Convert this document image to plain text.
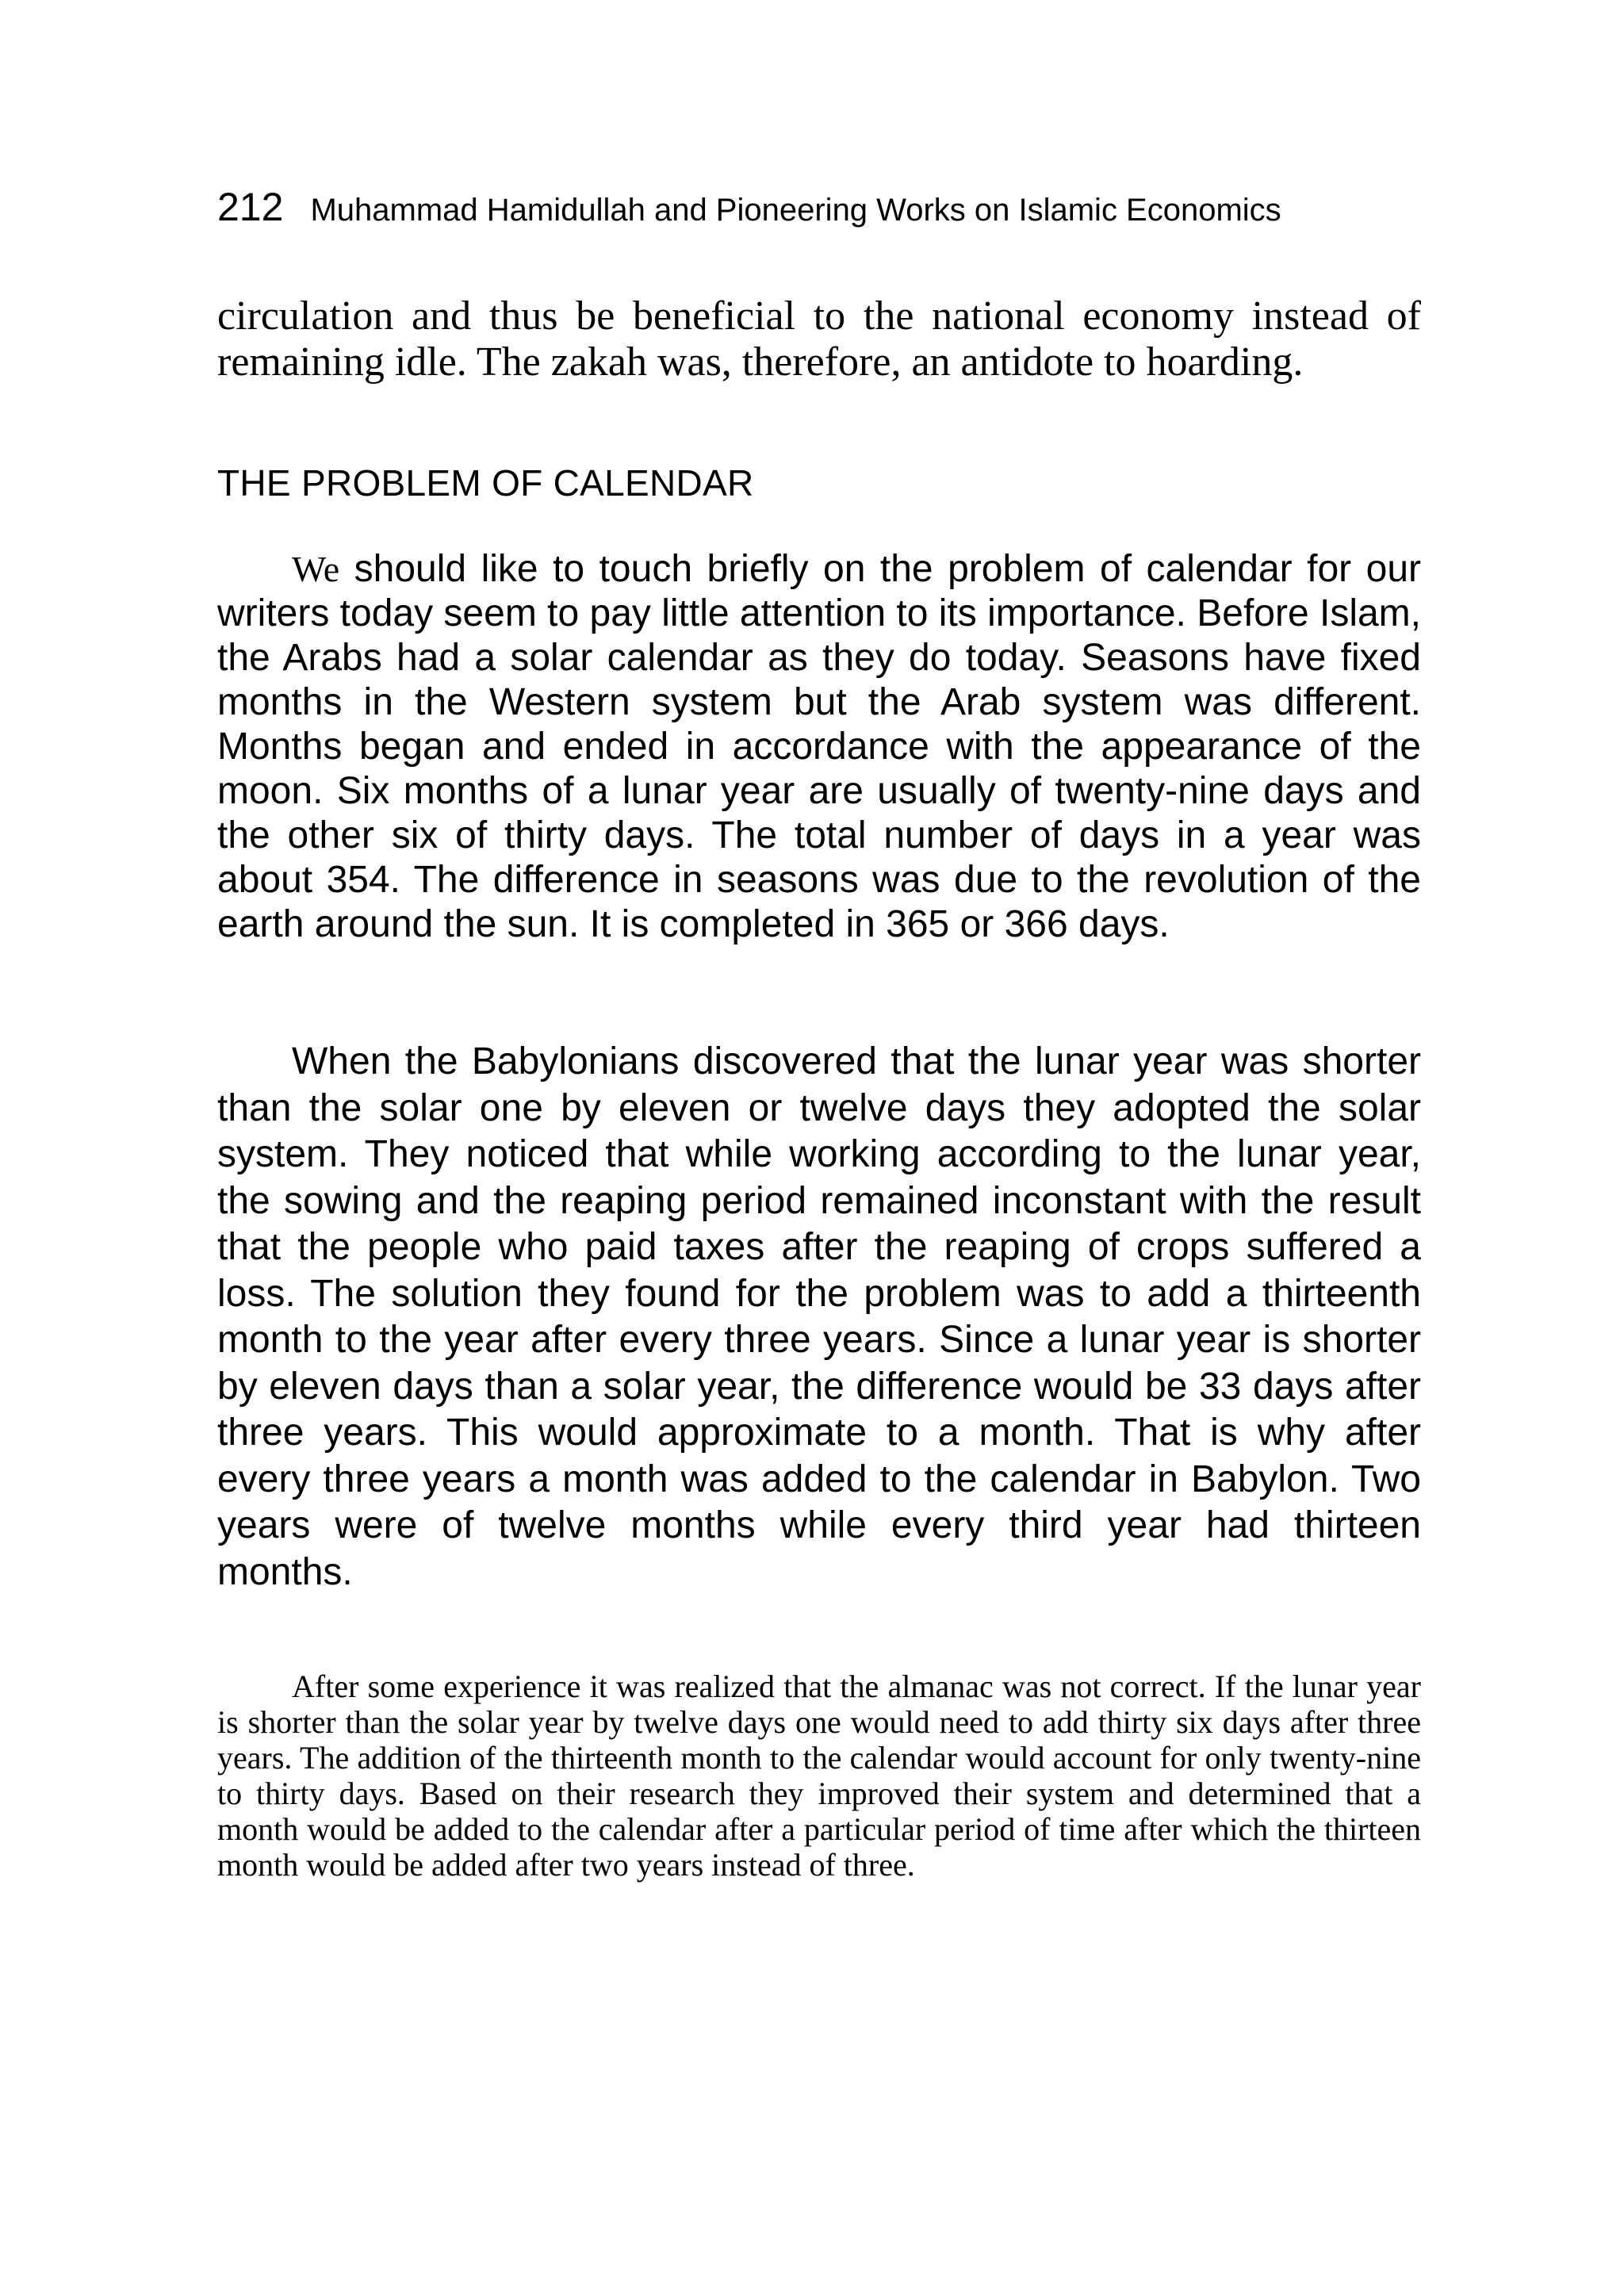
212 Muhammad Hamidullah and Pioneering Works on Islamic Economics

circulation and thus be beneficial to the national economy instead of remaining idle. The zakah was, therefore, an antidote to hoarding.

THE PROBLEM OF CALENDAR

We should like to touch briefly on the problem of calendar for our writers today seem to pay little attention to its importance. Before Islam, the Arabs had a solar calendar as they do today. Seasons have fixed months in the Western system but the Arab system was different. Months began and ended in accordance with the appearance of the moon. Six months of a lunar year are usually of twenty-nine days and the other six of thirty days. The total number of days in a year was about 354. The difference in seasons was due to the revolution of the earth around the sun. It is completed in 365 or 366 days.

When the Babylonians discovered that the lunar year was shorter than the solar one by eleven or twelve days they adopted the solar system. They noticed that while working according to the lunar year, the sowing and the reaping period remained inconstant with the result that the people who paid taxes after the reaping of crops suffered a loss. The solution they found for the problem was to add a thirteenth month to the year after every three years. Since a lunar year is shorter by eleven days than a solar year, the difference would be 33 days after three years. This would approximate to a month. That is why after every three years a month was added to the calendar in Babylon. Two years were of twelve months while every third year had thirteen months.

After some experience it was realized that the almanac was not correct. If the lunar year is shorter than the solar year by twelve days one would need to add thirty six days after three years. The addition of the thirteenth month to the calendar would account for only twenty-nine to thirty days. Based on their research they improved their system and determined that a month would be added to the calendar after a particular period of time after which the thirteen month would be added after two years instead of three.
